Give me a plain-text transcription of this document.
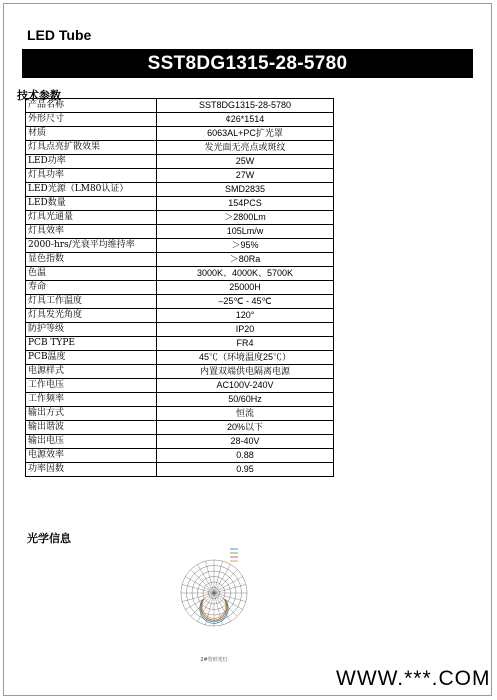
LED Tube
SST8DG1315-28-5780
技术参数
产品名称	SST8DG1315-28-5780
外形尺寸	¢26*1514
材质	6063AL+PC扩光罩
灯具点亮扩散效果	发光面无亮点或斑纹
LED功率	25W
灯具功率	27W
LED光源（LM80认证）	SMD2835
LED数量	154PCS
灯具光通量	＞2800Lm
灯具效率	105Lm/w
2000-hrs/光衰平均维持率	＞95%
显色指数	＞80Ra
色温	3000K、4000K、5700K
寿命	25000H
灯具工作温度	–25℃ - 45℃
灯具发光角度	120°
防护等级	IP20
PCB TYPE	FR4
PCB温度	45℃（环境温度25℃）
电源样式	内置双端供电隔离电源
工作电压	AC100V-240V
工作频率	50/60Hz
输出方式	恒流
输出谐波	20%以下
输出电压	28-40V
电源效率	0.88
功率因数	0.95
光学信息
2#管形光灯
WWW.***.COM
